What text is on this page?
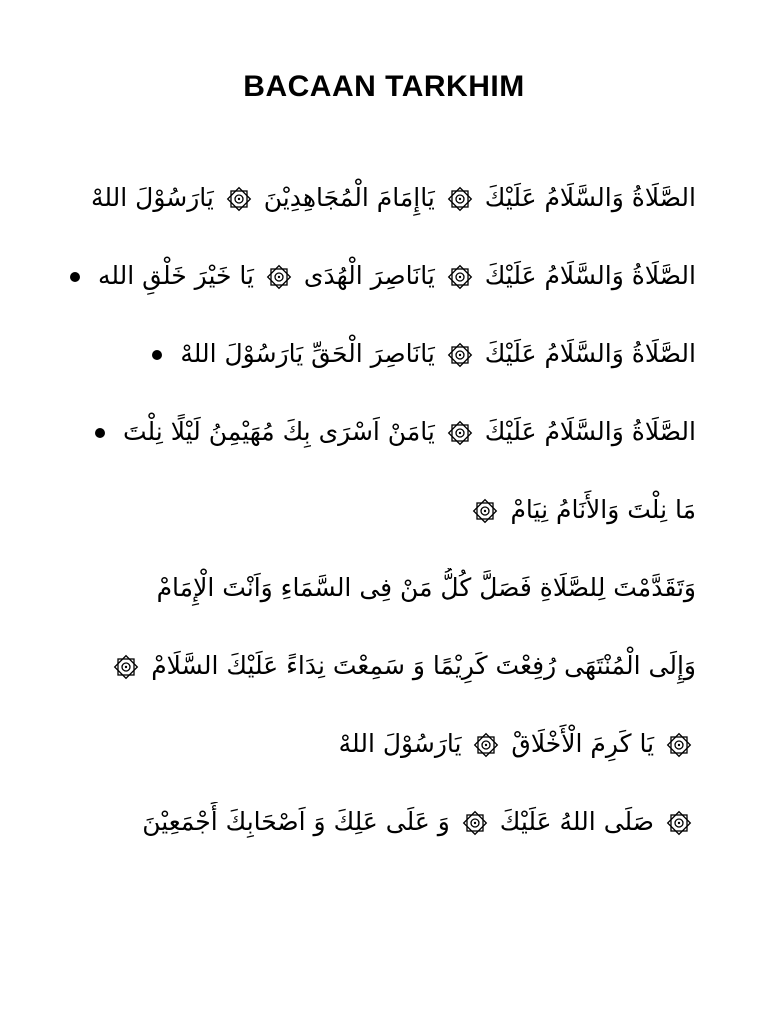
BACAAN TARKHIM
الصَّلَاةُ وَالسَّلَامُ عَلَيْكَ
يَاإِمَامَ الْمُجَاهِدِيْنَ
يَارَسُوْلَ اللهْ
الصَّلَاةُ وَالسَّلَامُ عَلَيْكَ
يَانَاصِرَ الْهُدَى
يَا خَيْرَ خَلْقِ الله
الصَّلَاةُ وَالسَّلَامُ عَلَيْكَ
يَانَاصِرَ الْحَقِّ يَارَسُوْلَ اللهْ
الصَّلَاةُ وَالسَّلَامُ عَلَيْكَ
يَامَنْ اَسْرَى بِكَ مُهَيْمِنُ لَيْلًا نِلْتَ
مَا نِلْتَ وَالأَنَامُ نِيَامْ
وَتَقَدَّمْتَ لِلصَّلَاةِ فَصَلَّ كُلُّ مَنْ فِى السَّمَاءِ وَاَنْتَ الْإِمَامْ
وَإِلَى الْمُنْتَهَى رُفِعْتَ كَرِيْمًا وَ سَمِعْتَ نِدَاءً عَلَيْكَ السَّلَامْ
يَا كَرِمَ الْأَخْلَاقْ
يَارَسُوْلَ اللهْ
صَلَى اللهُ عَلَيْكَ
وَ عَلَى عَلِكَ وَ اَصْحَابِكَ أَجْمَعِيْنَ
